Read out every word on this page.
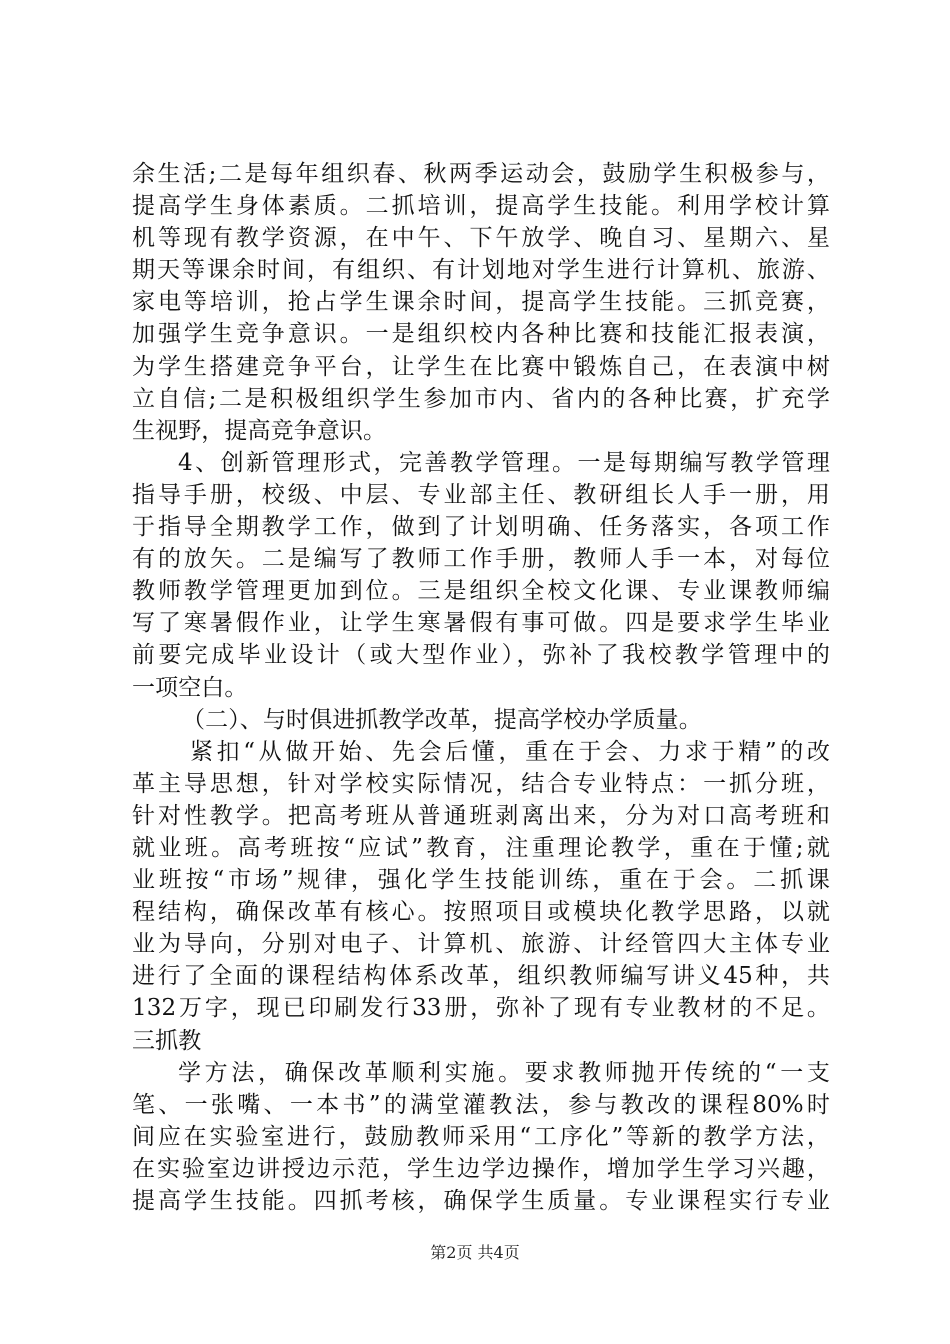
余生活;二是每年组织春、秋两季运动会，鼓励学生积极参与，
提高学生身体素质。二抓培训，提高学生技能。利用学校计算
机等现有教学资源，在中午、下午放学、晚自习、星期六、星
期天等课余时间，有组织、有计划地对学生进行计算机、旅游、
家电等培训，抢占学生课余时间，提高学生技能。三抓竞赛，
加强学生竞争意识。一是组织校内各种比赛和技能汇报表演，
为学生搭建竞争平台，让学生在比赛中锻炼自己，在表演中树
立自信;二是积极组织学生参加市内、省内的各种比赛，扩充学
生视野，提高竞争意识。
4、创新管理形式，完善教学管理。一是每期编写教学管理
指导手册，校级、中层、专业部主任、教研组长人手一册，用
于指导全期教学工作，做到了计划明确、任务落实，各项工作
有的放矢。二是编写了教师工作手册，教师人手一本，对每位
教师教学管理更加到位。三是组织全校文化课、专业课教师编
写了寒暑假作业，让学生寒暑假有事可做。四是要求学生毕业
前要完成毕业设计（或大型作业），弥补了我校教学管理中的
一项空白。
（二）、与时俱进抓教学改革，提高学校办学质量。
紧扣“从做开始、先会后懂，重在于会、力求于精”的改
革主导思想，针对学校实际情况，结合专业特点：一抓分班，
针对性教学。把高考班从普通班剥离出来，分为对口高考班和
就业班。高考班按“应试”教育，注重理论教学，重在于懂;就
业班按“市场”规律，强化学生技能训练，重在于会。二抓课
程结构，确保改革有核心。按照项目或模块化教学思路，以就
业为导向，分别对电子、计算机、旅游、计经管四大主体专业
进行了全面的课程结构体系改革，组织教师编写讲义45种，共
132万字，现已印刷发行33册，弥补了现有专业教材的不足。
三抓教
学方法，确保改革顺利实施。要求教师抛开传统的“一支
笔、一张嘴、一本书”的满堂灌教法，参与教改的课程80%时
间应在实验室进行，鼓励教师采用“工序化”等新的教学方法，
在实验室边讲授边示范，学生边学边操作，增加学生学习兴趣，
提高学生技能。四抓考核，确保学生质量。专业课程实行专业
第2页 共4页
